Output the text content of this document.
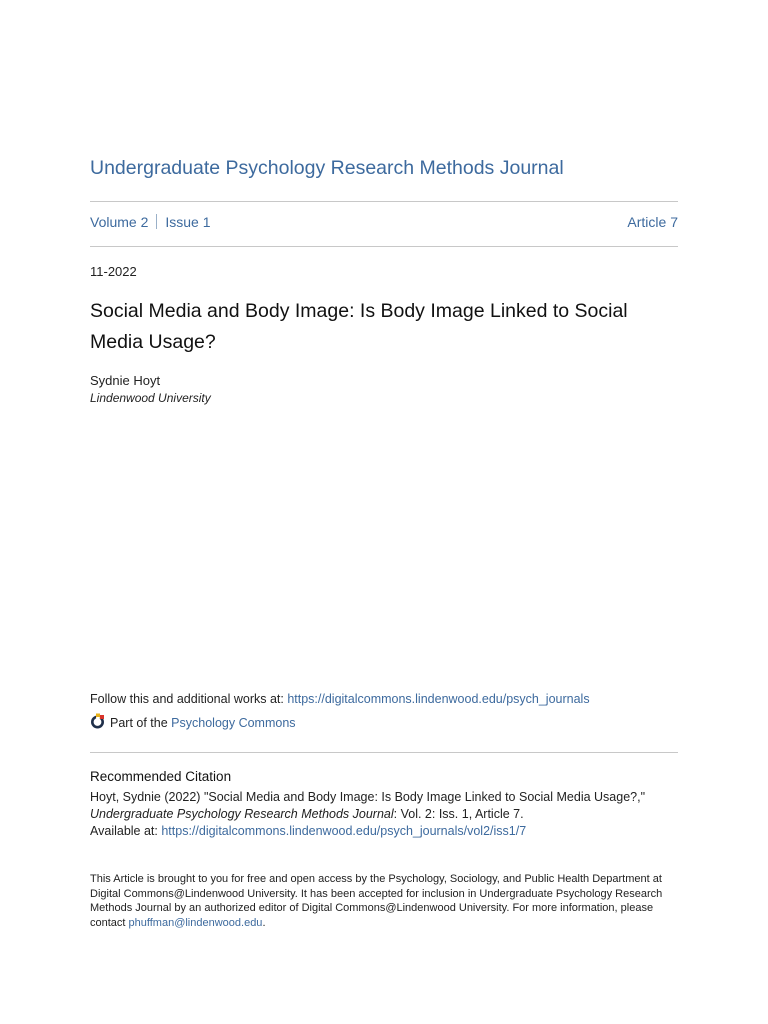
Undergraduate Psychology Research Methods Journal
Volume 2 Issue 1	Article 7
11-2022
Social Media and Body Image: Is Body Image Linked to Social Media Usage?
Sydnie Hoyt
Lindenwood University
Follow this and additional works at: https://digitalcommons.lindenwood.edu/psych_journals
Part of the
Psychology Commons
Recommended Citation
Hoyt, Sydnie (2022) "Social Media and Body Image: Is Body Image Linked to Social Media Usage?,"
Undergraduate Psychology Research Methods Journal: Vol. 2: Iss. 1, Article 7.
Available at: https://digitalcommons.lindenwood.edu/psych_journals/vol2/iss1/7
This Article is brought to you for free and open access by the Psychology, Sociology, and Public Health Department at Digital Commons@Lindenwood University. It has been accepted for inclusion in Undergraduate Psychology Research Methods Journal by an authorized editor of Digital Commons@Lindenwood University. For more information, please contact phuffman@lindenwood.edu.
